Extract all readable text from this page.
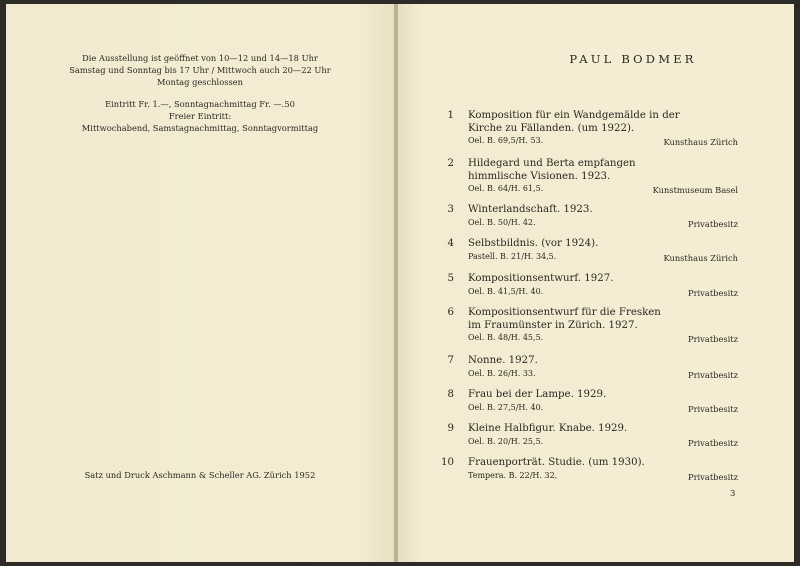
Die Ausstellung ist geöffnet von 10—12 und 14—18 Uhr
Samstag und Sonntag bis 17 Uhr / Mittwoch auch 20—22 Uhr
Montag geschlossen
Eintritt Fr. 1.—, Sonntagnachmittag Fr. —.50
Freier Eintritt:
Mittwochabend, Samstagnachmittag, Sonntagvormittag
Satz und Druck Aschmann & Scheller AG. Zürich 1952
PAUL BODMER
1 Komposition für ein Wandgemälde in der
Kirche zu Fällanden. (um 1922).
Oel. B. 69,5/H. 53.	Kunsthaus Zürich
2 Hildegard und Berta empfangen
himmlische Visionen. 1923.
Oel. B. 64/H. 61,5.	Kunstmuseum Basel
3 Winterlandschaft. 1923.
Oel. B. 50/H. 42.	Privatbesitz
4 Selbstbildnis. (vor 1924).
Pastell. B. 21/H. 34,5.	Kunsthaus Zürich
5 Kompositionsentwurf. 1927.
Oel. B. 41,5/H. 40.	Privatbesitz
6 Kompositionsentwurf für die Fresken
im Fraumünster in Zürich. 1927.
Oel. B. 48/H. 45,5.	Privatbesitz
7 Nonne. 1927.
Oel. B. 26/H. 33.	Privatbesitz
8 Frau bei der Lampe. 1929.
Oel. B. 27,5/H. 40.	Privatbesitz
9 Kleine Halbfigur. Knabe. 1929.
Oel. B. 20/H. 25,5.	Privatbesitz
10 Frauenporträt. Studie. (um 1930).
Tempera. B. 22/H. 32.	Privatbesitz
3
